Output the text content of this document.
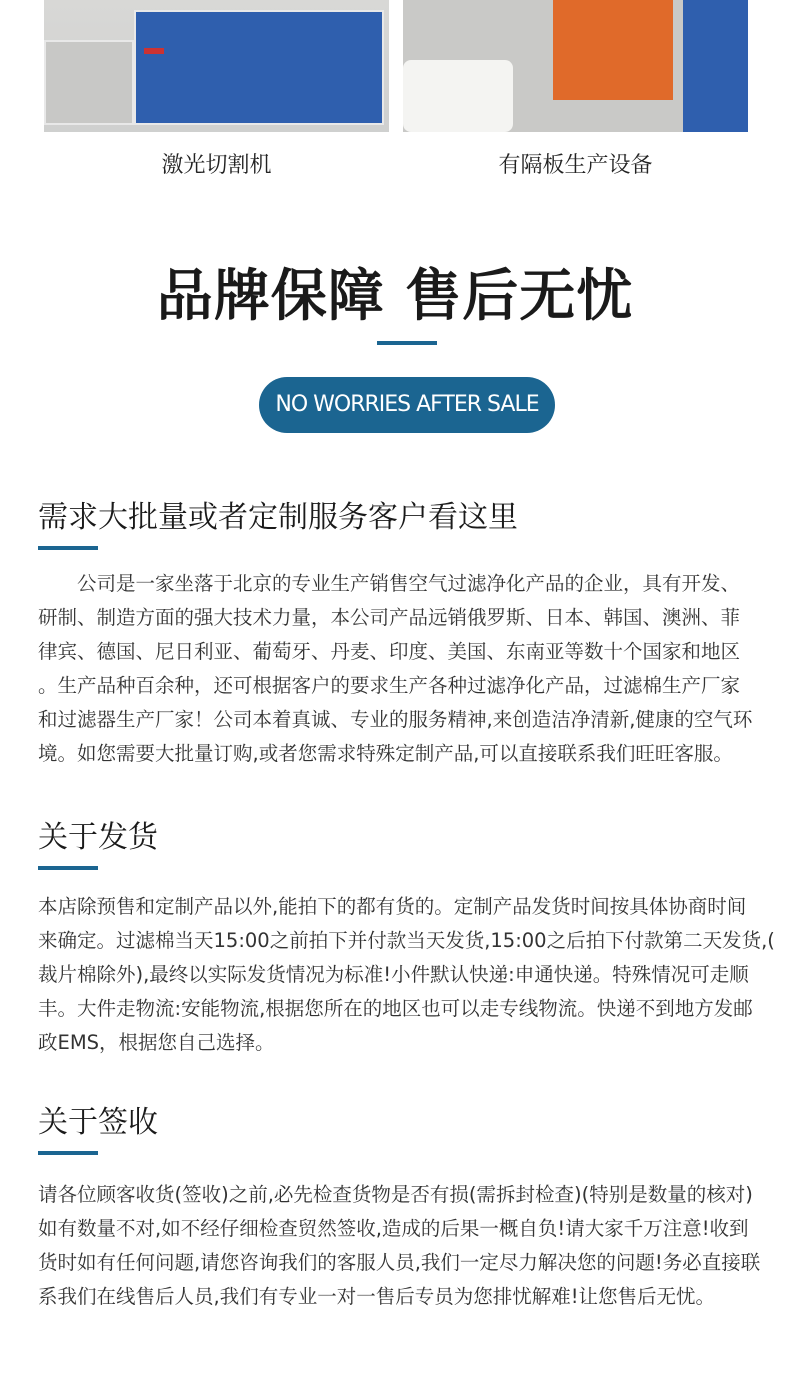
激光切割机	有隔板生产设备
品牌保障 售后无忧
NO WORRIES AFTER SALE
需求大批量或者定制服务客户看这里
　　公司是一家坐落于北京的专业生产销售空气过滤净化产品的企业，具有开发、
研制、制造方面的强大技术力量，本公司产品远销俄罗斯、日本、韩国、澳洲、菲
律宾、德国、尼日利亚、葡萄牙、丹麦、印度、美国、东南亚等数十个国家和地区
。生产品种百余种，还可根据客户的要求生产各种过滤净化产品，过滤棉生产厂家
和过滤器生产厂家！公司本着真诚、专业的服务精神,来创造洁净清新,健康的空气环
境。如您需要大批量订购,或者您需求特殊定制产品,可以直接联系我们旺旺客服。
关于发货
本店除预售和定制产品以外,能拍下的都有货的。定制产品发货时间按具体协商时间
来确定。过滤棉当天15:00之前拍下并付款当天发货,15:00之后拍下付款第二天发货,(
裁片棉除外),最终以实际发货情况为标准!小件默认快递:申通快递。特殊情况可走顺
丰。大件走物流:安能物流,根据您所在的地区也可以走专线物流。快递不到地方发邮
政EMS，根据您自己选择。
关于签收
请各位顾客收货(签收)之前,必先检查货物是否有损(需拆封检查)(特别是数量的核对)
如有数量不对,如不经仔细检查贸然签收,造成的后果一概自负!请大家千万注意!收到
货时如有任何问题,请您咨询我们的客服人员,我们一定尽力解决您的问题!务必直接联
系我们在线售后人员,我们有专业一对一售后专员为您排忧解难!让您售后无忧。
